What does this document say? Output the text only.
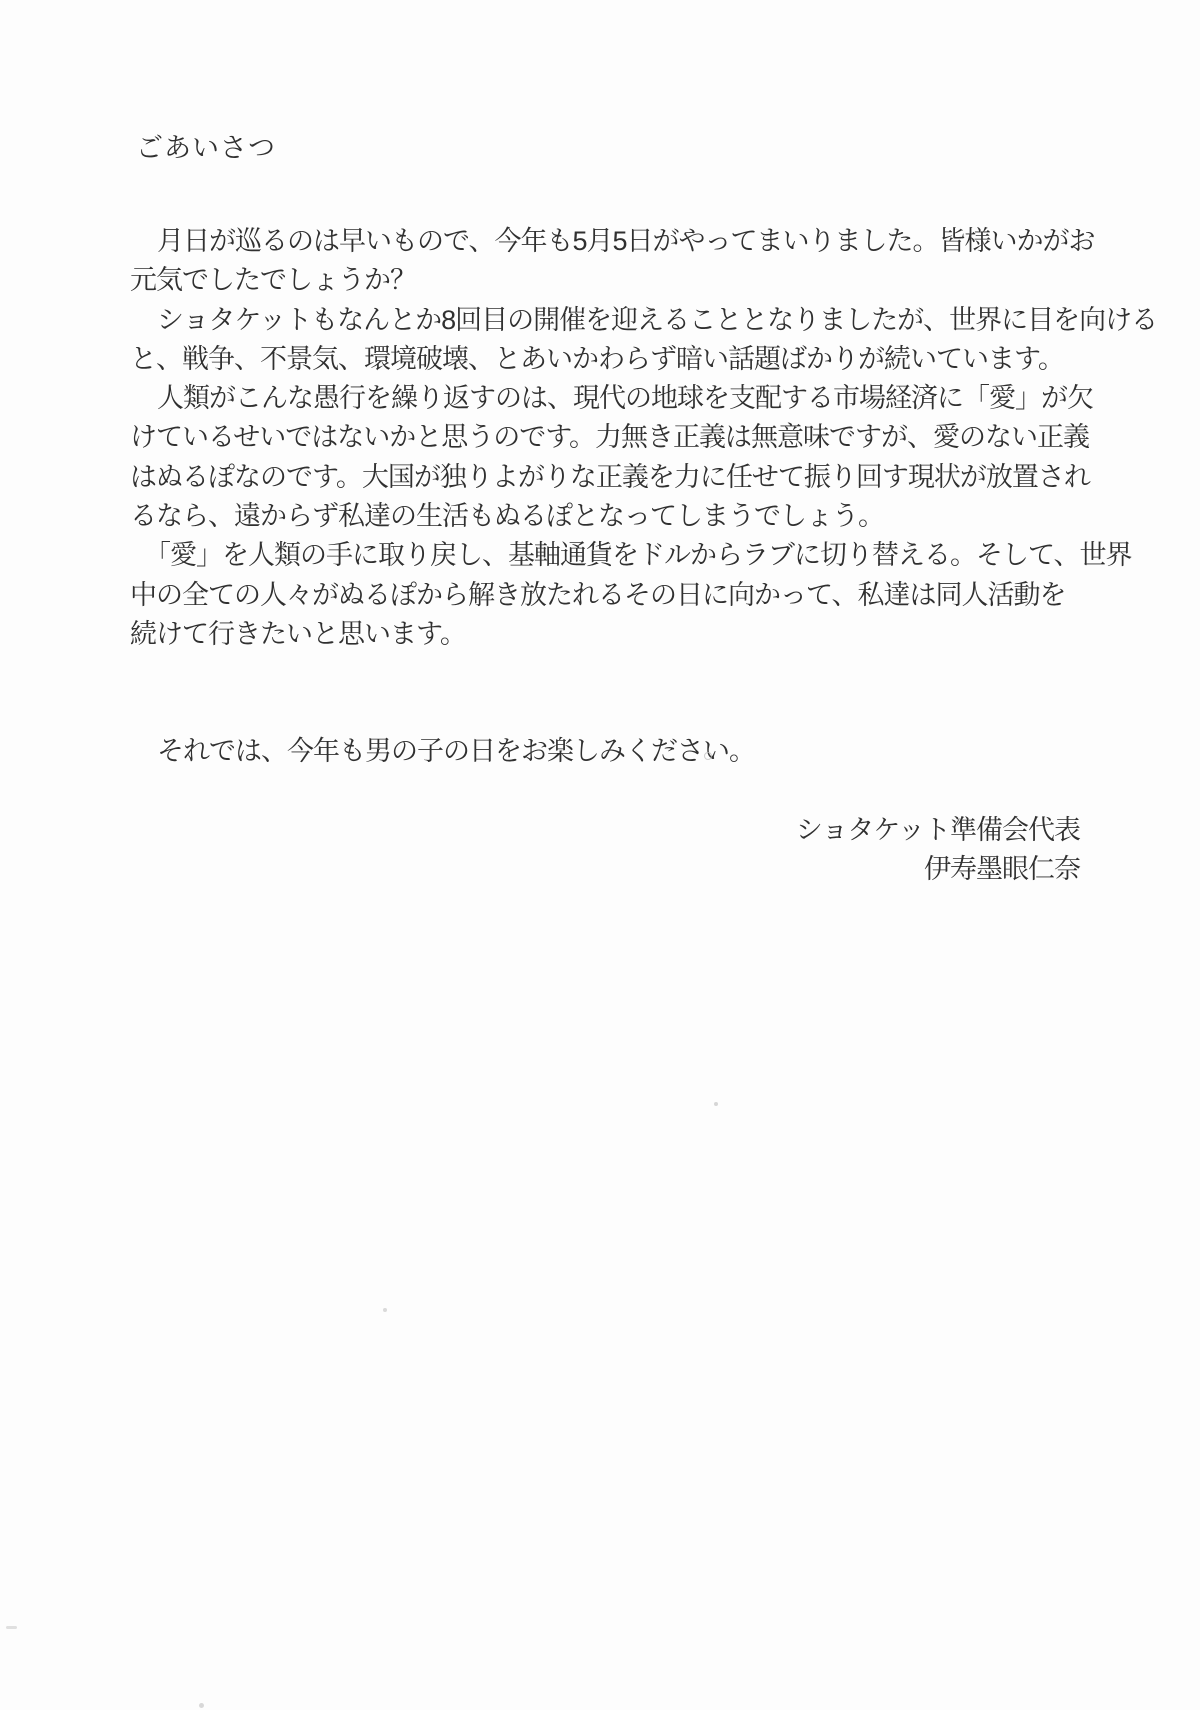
ごあいさつ
月日が巡るのは早いもので、今年も5月5日がやってまいりました。皆様いかがお
元気でしたでしょうか？
ショタケットもなんとか8回目の開催を迎えることとなりましたが、世界に目を向ける
と、戦争、不景気、環境破壊、とあいかわらず暗い話題ばかりが続いています。
人類がこんな愚行を繰り返すのは、現代の地球を支配する市場経済に「愛」が欠
けているせいではないかと思うのです。力無き正義は無意味ですが、愛のない正義
はぬるぽなのです。大国が独りよがりな正義を力に任せて振り回す現状が放置され
るなら、遠からず私達の生活もぬるぽとなってしまうでしょう。
「愛」を人類の手に取り戻し、基軸通貨をドルからラブに切り替える。そして、世界
中の全ての人々がぬるぽから解き放たれるその日に向かって、私達は同人活動を
続けて行きたいと思います。
それでは、今年も男の子の日をお楽しみください。
ショタケット準備会代表
伊寿墨眼仁奈
